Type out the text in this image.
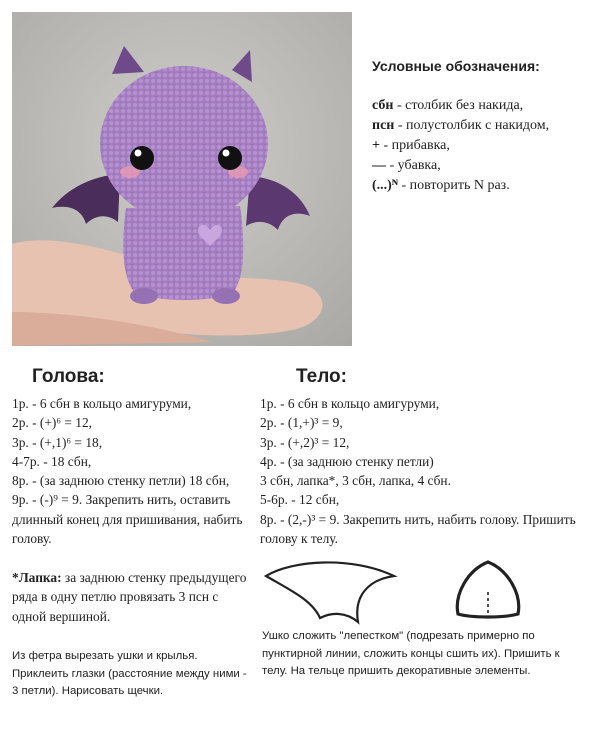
Условные обозначения:
сбн - столбик без накида,
псн - полустолбик с накидом,
+ - прибавка,
— - убавка,
(...)ᴺ - повторить N раз.
Голова:
1р. - 6 сбн в кольцо амигуруми,
2р. - (+)⁶ = 12,
3р. - (+,1)⁶ = 18,
4-7р. - 18 сбн,
8р. - (за заднюю стенку петли) 18 сбн,
9р. - (-)⁹ = 9. Закрепить нить, оставить длинный конец для пришивания, набить голову.
Тело:
1р. - 6 сбн в кольцо амигуруми,
2р. - (1,+)³ = 9,
3р. - (+,2)³ = 12,
4р. - (за заднюю стенку петли)
3 сбн, лапка*, 3 сбн, лапка, 4 сбн.
5-6р. - 12 сбн,
8р. - (2,-)³ = 9. Закрепить нить, набить голову. Пришить голову к телу.
*Лапка: за заднюю стенку предыдущего ряда в одну петлю провязать 3 псн с одной вершиной.
Из фетра вырезать ушки и крылья. Приклеить глазки (расстояние между ними - 3 петли). Нарисовать щечки.
Ушко сложить "лепестком" (подрезать примерно по пунктирной линии, сложить концы сшить их). Пришить к телу. На тельце пришить декоративные элементы.
